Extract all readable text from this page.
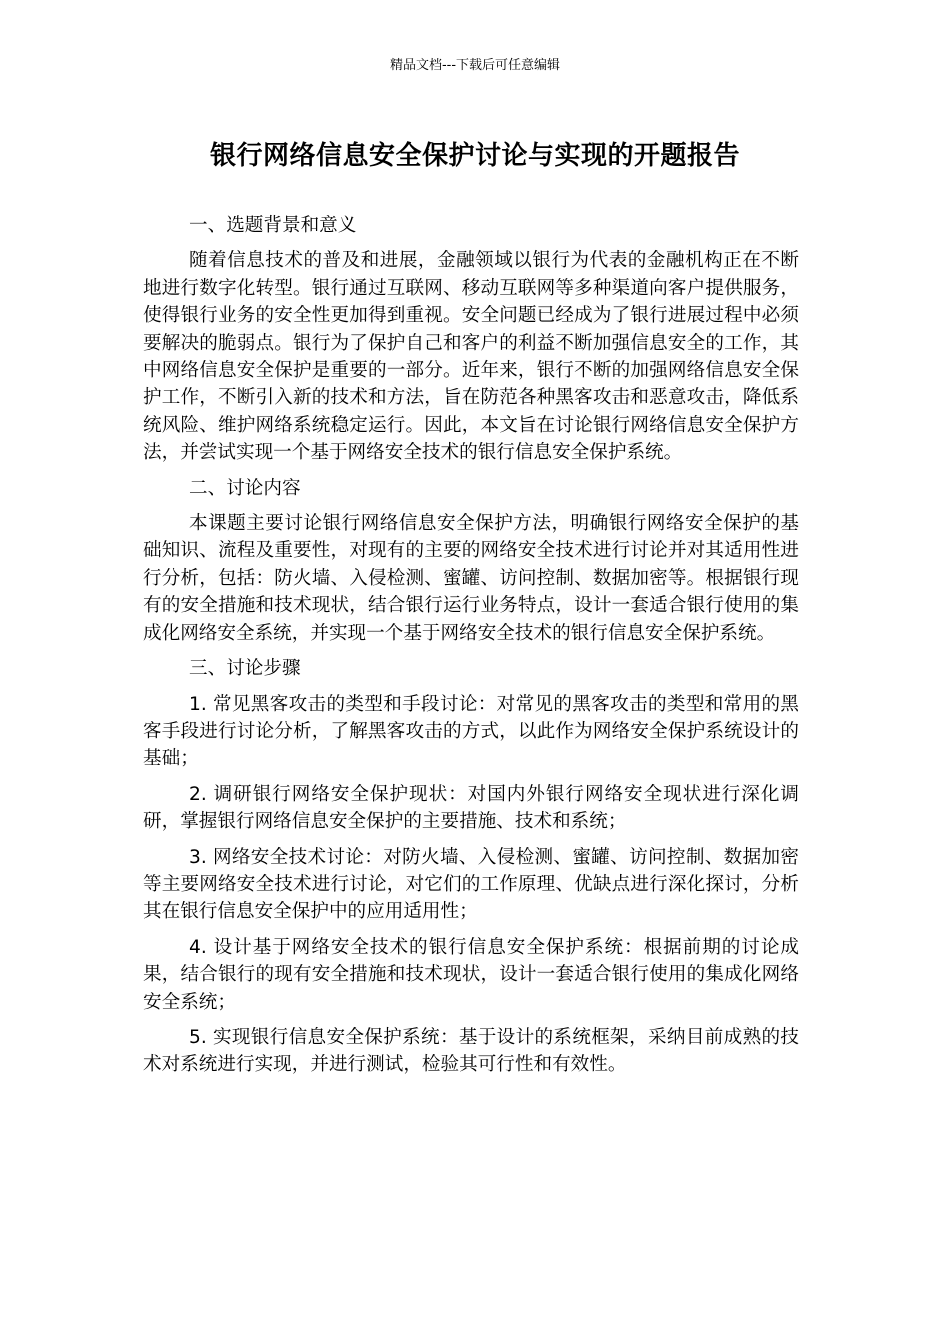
精品文档---下载后可任意编辑
银行网络信息安全保护讨论与实现的开题报告
一、选题背景和意义

随着信息技术的普及和进展，金融领域以银行为代表的金融机构正在不断地进行数字化转型。银行通过互联网、移动互联网等多种渠道向客户提供服务，使得银行业务的安全性更加得到重视。安全问题已经成为了银行进展过程中必须要解决的脆弱点。银行为了保护自己和客户的利益不断加强信息安全的工作，其中网络信息安全保护是重要的一部分。近年来，银行不断的加强网络信息安全保护工作，不断引入新的技术和方法，旨在防范各种黑客攻击和恶意攻击，降低系统风险、维护网络系统稳定运行。因此，本文旨在讨论银行网络信息安全保护方法，并尝试实现一个基于网络安全技术的银行信息安全保护系统。

二、讨论内容

本课题主要讨论银行网络信息安全保护方法，明确银行网络安全保护的基础知识、流程及重要性，对现有的主要的网络安全技术进行讨论并对其适用性进行分析，包括：防火墙、入侵检测、蜜罐、访问控制、数据加密等。根据银行现有的安全措施和技术现状，结合银行运行业务特点，设计一套适合银行使用的集成化网络安全系统，并实现一个基于网络安全技术的银行信息安全保护系统。

三、讨论步骤

1. 常见黑客攻击的类型和手段讨论：对常见的黑客攻击的类型和常用的黑客手段进行讨论分析，了解黑客攻击的方式，以此作为网络安全保护系统设计的基础；

2. 调研银行网络安全保护现状：对国内外银行网络安全现状进行深化调研，掌握银行网络信息安全保护的主要措施、技术和系统；

3. 网络安全技术讨论：对防火墙、入侵检测、蜜罐、访问控制、数据加密等主要网络安全技术进行讨论，对它们的工作原理、优缺点进行深化探讨，分析其在银行信息安全保护中的应用适用性；

4. 设计基于网络安全技术的银行信息安全保护系统：根据前期的讨论成果，结合银行的现有安全措施和技术现状，设计一套适合银行使用的集成化网络安全系统；

5. 实现银行信息安全保护系统：基于设计的系统框架，采纳目前成熟的技术对系统进行实现，并进行测试，检验其可行性和有效性。
